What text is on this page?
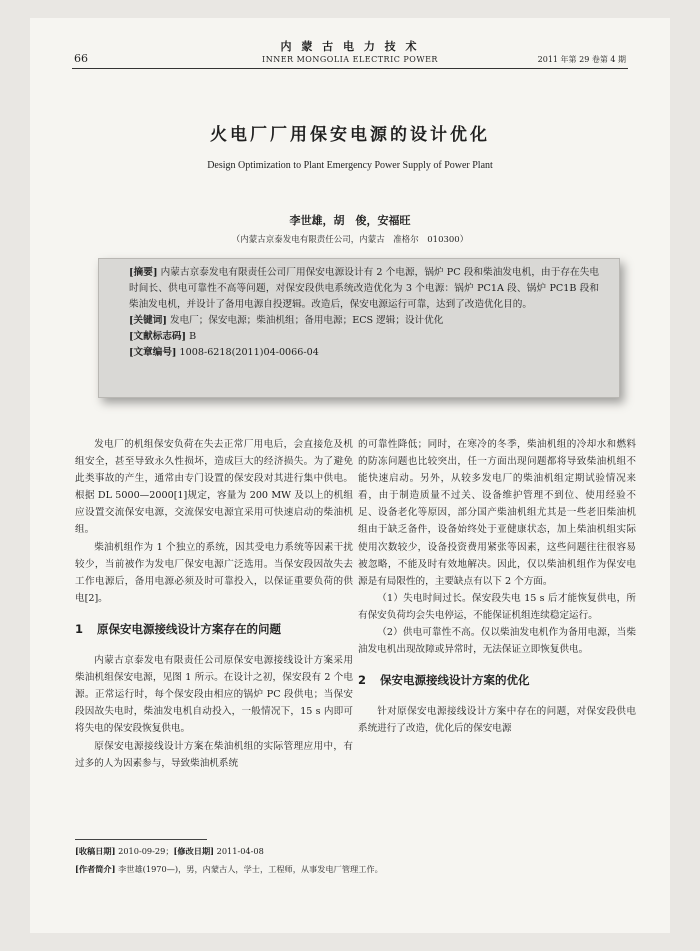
内 蒙 古 电 力 技 术
INNER MONGOLIA ELECTRIC POWER
66	2011 年第 29 卷第 4 期
火电厂厂用保安电源的设计优化
Design Optimization to Plant Emergency Power Supply of Power Plant
李世雄，胡　俊，安福旺
（内蒙古京泰发电有限责任公司，内蒙古　准格尔　010300）

[摘要] 内蒙古京泰发电有限责任公司厂用保安电源设计有 2 个电源，锅炉 PC 段和柴油发电机，由于存在失电时间长、供电可靠性不高等问题，对保安段供电系统改造优化为 3 个电源：锅炉 PC1A 段、锅炉 PC1B 段和柴油发电机，并设计了备用电源自投逻辑。改造后，保安电源运行可靠，达到了改造优化目的。

[关键词] 发电厂；保安电源；柴油机组；备用电源；ECS 逻辑；设计优化

[文献标志码] B

[文章编号] 1008-6218(2011)04-0066-04

发电厂的机组保安负荷在失去正常厂用电后，会直接危及机组安全，甚至导致永久性损坏，造成巨大的经济损失。为了避免此类事故的产生，通常由专门设置的保安段对其进行集中供电。根据 DL 5000—2000[1]规定，容量为 200 MW 及以上的机组应设置交流保安电源，交流保安电源宜采用可快速启动的柴油机组。

柴油机组作为 1 个独立的系统，因其受电力系统等因素干扰较少，当前被作为发电厂保安电源广泛选用。当保安段因故失去工作电源后，备用电源必须及时可靠投入，以保证重要负荷的供电[2]。

1 原保安电源接线设计方案存在的问题

内蒙古京泰发电有限责任公司原保安电源接线设计方案采用柴油机组保安电源，见图 1 所示。在设计之初，保安段有 2 个电源。正常运行时，每个保安段由相应的锅炉 PC 段供电；当保安段因故失电时，柴油发电机自动投入，一般情况下，15 s 内即可将失电的保安段恢复供电。

原保安电源接线设计方案在柴油机组的实际管理应用中，有过多的人为因素参与，导致柴油机系统

的可靠性降低；同时，在寒冷的冬季，柴油机组的冷却水和燃料的防冻问题也比较突出，任一方面出现问题都将导致柴油机组不能快速启动。另外，从较多发电厂的柴油机组定期试验情况来看，由于制造质量不过关、设备维护管理不到位、使用经验不足、设备老化等原因，部分国产柴油机组尤其是一些老旧柴油机组由于缺乏备件，设备始终处于亚健康状态，加上柴油机组实际使用次数较少，设备投资费用紧张等因素，这些问题往往很容易被忽略，不能及时有效地解决。因此，仅以柴油机组作为保安电源是有局限性的，主要缺点有以下 2 个方面。

（1）失电时间过长。保安段失电 15 s 后才能恢复供电，所有保安负荷均会失电停运，不能保证机组连续稳定运行。

（2）供电可靠性不高。仅以柴油发电机作为备用电源，当柴油发电机出现故障或异常时，无法保证立即恢复供电。

2 保安电源接线设计方案的优化

针对原保安电源接线设计方案中存在的问题，对保安段供电系统进行了改造，优化后的保安电源

[收稿日期] 2010-09-29；[修改日期] 2011-04-08
[作者简介] 李世雄(1970—)，男，内蒙古人，学士，工程师，从事发电厂管理工作。
